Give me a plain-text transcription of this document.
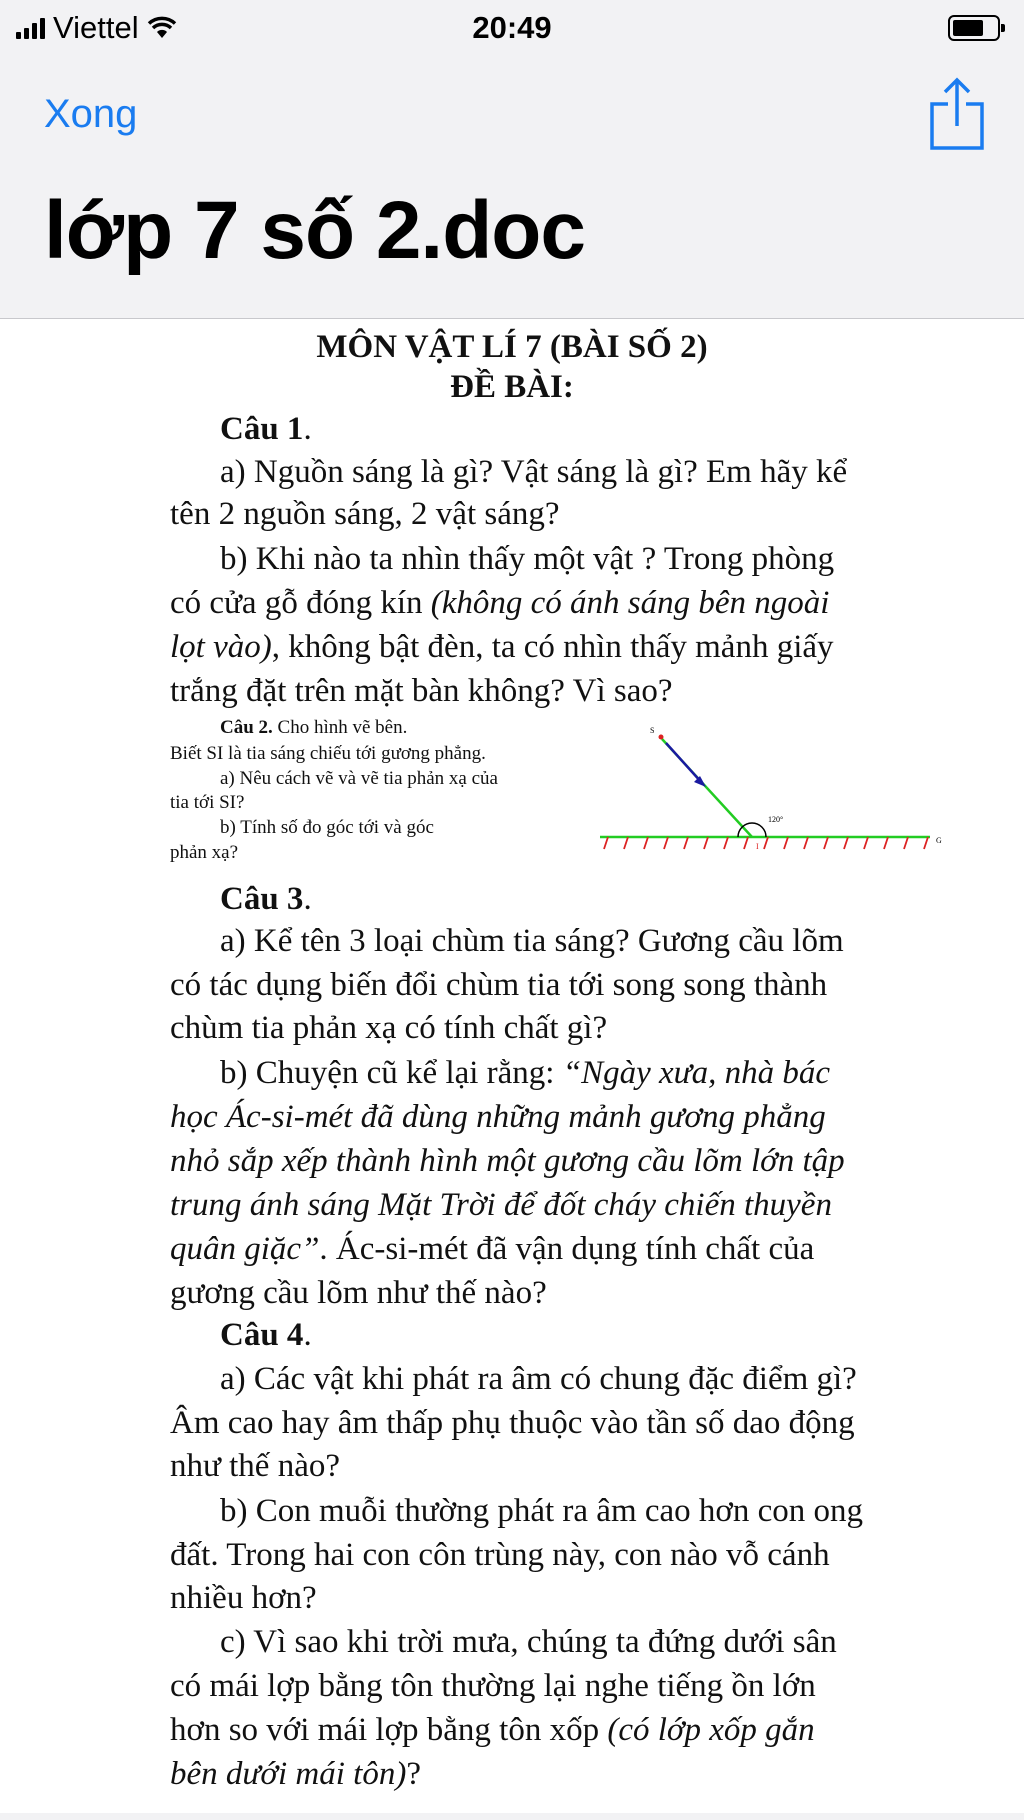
Viettel	20:49
Xong
lớp 7 số 2.doc
MÔN VẬT LÍ 7 (BÀI SỐ 2)
ĐỀ BÀI:
Câu 1.
a) Nguồn sáng là gì? Vật sáng là gì? Em hãy kể
tên 2 nguồn sáng, 2 vật sáng?
b) Khi nào ta nhìn thấy một vật ? Trong phòng
có cửa gỗ đóng kín (không có ánh sáng bên ngoài
lọt vào), không bật đèn, ta có nhìn thấy mảnh giấy
trắng đặt trên mặt bàn không? Vì sao?
Câu 2. Cho hình vẽ bên.
Biết SI là tia sáng chiếu tới gương phẳng.
a) Nêu cách vẽ và vẽ tia phản xạ của
tia tới SI?
b) Tính số đo góc tới và góc
phản xạ?
S
I
G
120°
Câu 3.
a) Kể tên 3 loại chùm tia sáng? Gương cầu lõm
có tác dụng biến đổi chùm tia tới song song thành
chùm tia phản xạ có tính chất gì?
b) Chuyện cũ kể lại rằng: “Ngày xưa, nhà bác
học Ác-si-mét đã dùng những mảnh gương phẳng
nhỏ sắp xếp thành hình một gương cầu lõm lớn tập
trung ánh sáng Mặt Trời để đốt cháy chiến thuyền
quân giặc”. Ác-si-mét đã vận dụng tính chất của
gương cầu lõm như thế nào?
Câu 4.
a) Các vật khi phát ra âm có chung đặc điểm gì?
Âm cao hay âm thấp phụ thuộc vào tần số dao động
như thế nào?
b) Con muỗi thường phát ra âm cao hơn con ong
đất. Trong hai con côn trùng này, con nào vỗ cánh
nhiều hơn?
c) Vì sao khi trời mưa, chúng ta đứng dưới sân
có mái lợp bằng tôn thường lại nghe tiếng ồn lớn
hơn so với mái lợp bằng tôn xốp (có lớp xốp gắn
bên dưới mái tôn)?
